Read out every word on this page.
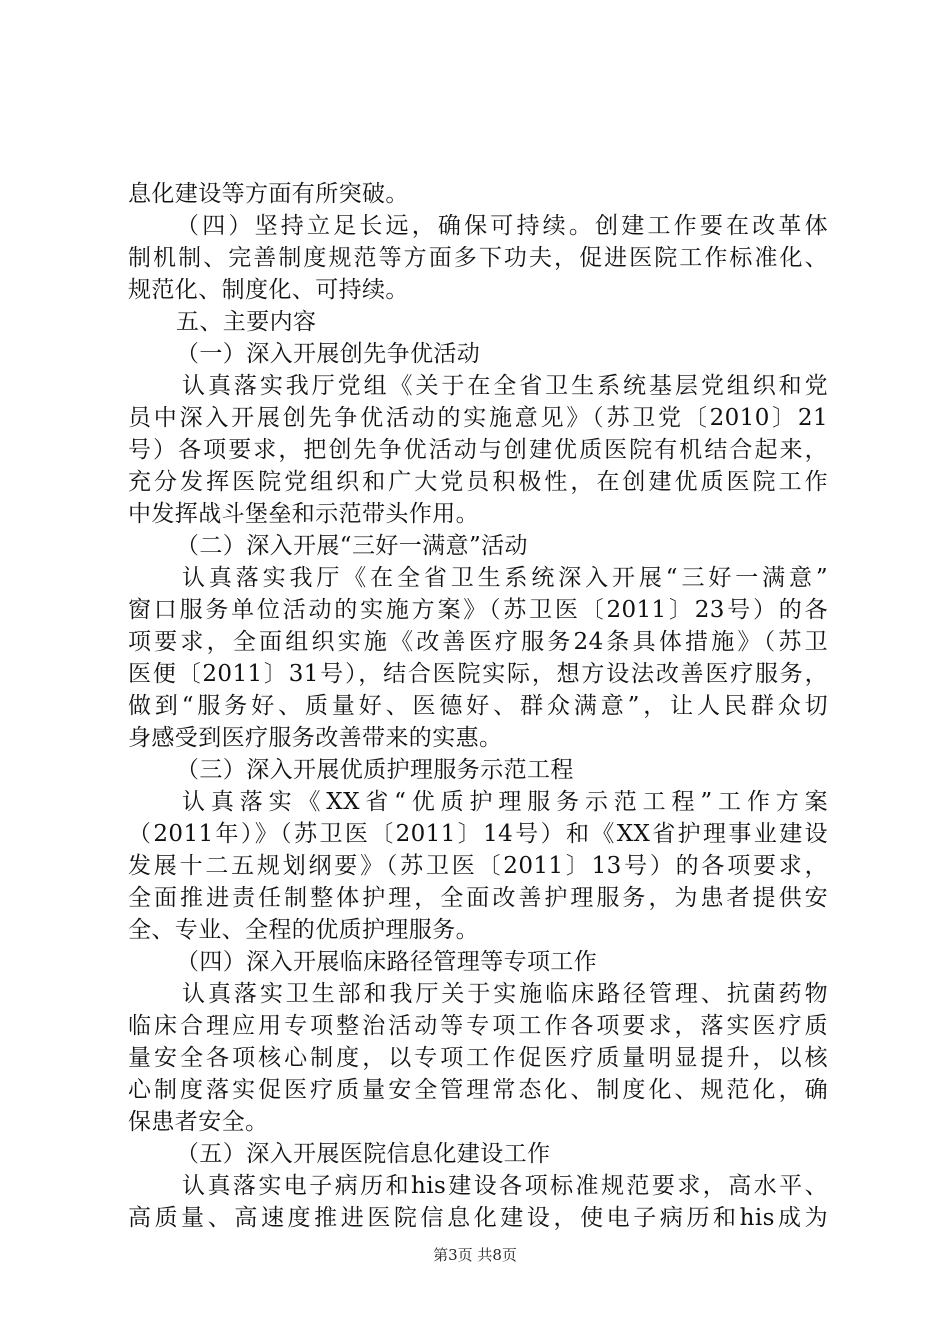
息化建设等方面有所突破。
（四）坚持立足长远，确保可持续。创建工作要在改革体
制机制、完善制度规范等方面多下功夫，促进医院工作标准化、
规范化、制度化、可持续。
五、主要内容
（一）深入开展创先争优活动
认真落实我厅党组《关于在全省卫生系统基层党组织和党
员中深入开展创先争优活动的实施意见》（苏卫党〔2010〕21
号）各项要求，把创先争优活动与创建优质医院有机结合起来，
充分发挥医院党组织和广大党员积极性，在创建优质医院工作
中发挥战斗堡垒和示范带头作用。
（二）深入开展“三好一满意”活动
认真落实我厅《在全省卫生系统深入开展“三好一满意”
窗口服务单位活动的实施方案》（苏卫医〔2011〕23号）的各
项要求，全面组织实施《改善医疗服务24条具体措施》（苏卫
医便〔2011〕31号），结合医院实际，想方设法改善医疗服务，
做到“服务好、质量好、医德好、群众满意”，让人民群众切
身感受到医疗服务改善带来的实惠。
（三）深入开展优质护理服务示范工程
认真落实《XX省“优质护理服务示范工程”工作方案
（2011年）》（苏卫医〔2011〕14号）和《XX省护理事业建设
发展十二五规划纲要》（苏卫医〔2011〕13号）的各项要求，
全面推进责任制整体护理，全面改善护理服务，为患者提供安
全、专业、全程的优质护理服务。
（四）深入开展临床路径管理等专项工作
认真落实卫生部和我厅关于实施临床路径管理、抗菌药物
临床合理应用专项整治活动等专项工作各项要求，落实医疗质
量安全各项核心制度，以专项工作促医疗质量明显提升，以核
心制度落实促医疗质量安全管理常态化、制度化、规范化，确
保患者安全。
（五）深入开展医院信息化建设工作
认真落实电子病历和his建设各项标准规范要求，高水平、
高质量、高速度推进医院信息化建设，使电子病历和his成为
第3页 共8页
